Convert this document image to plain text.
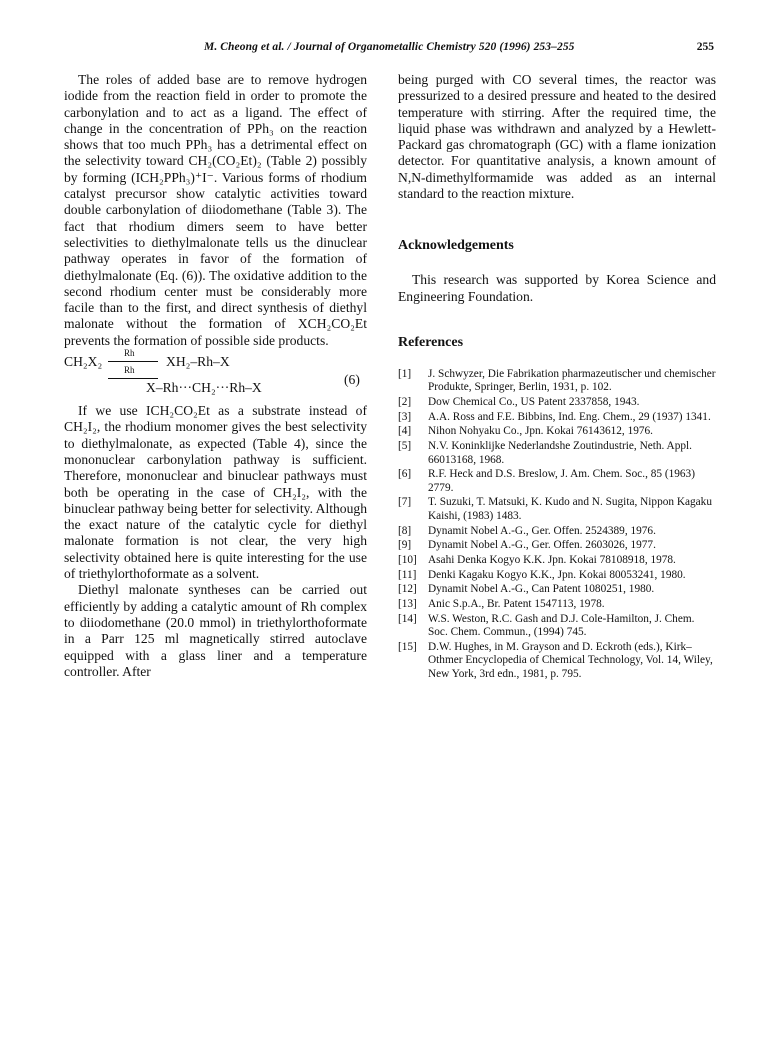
M. Cheong et al. / Journal of Organometallic Chemistry 520 (1996) 253–255	255

The roles of added base are to remove hydrogen iodide from the reaction field in order to promote the carbonylation and to act as a ligand. The effect of change in the concentration of PPh₃ on the reaction shows that too much PPh₃ has a detrimental effect on the selectivity toward CH₂(CO₂Et)₂ (Table 2) possibly by forming (ICH₂PPh₃)⁺I⁻. Various forms of rhodium catalyst precursor show catalytic activities toward double carbonylation of diiodomethane (Table 3). The fact that rhodium dimers seem to have better selectivities to diethylmalonate tells us the dinuclear pathway operates in favor of the formation of diethylmalonate (Eq. (6)). The oxidative addition to the second rhodium center must be considerably more facile than to the first, and direct synthesis of diethyl malonate without the formation of XCH₂CO₂Et prevents the formation of possible side products.

CH₂X₂
Rh
XH₂–Rh–X
Rh
X–Rh···CH₂···Rh–X
(6)

If we use ICH₂CO₂Et as a substrate instead of CH₂I₂, the rhodium monomer gives the best selectivity to diethylmalonate, as expected (Table 4), since the mononuclear carbonylation pathway is sufficient. Therefore, mononuclear and binuclear pathways must both be operating in the case of CH₂I₂, with the binuclear pathway being better for selectivity. Although the exact nature of the catalytic cycle for diethyl malonate formation is not clear, the very high selectivity obtained here is quite interesting for the use of triethylorthoformate as a solvent.

Diethyl malonate syntheses can be carried out efficiently by adding a catalytic amount of Rh complex to diiodomethane (20.0 mmol) in triethylorthoformate in a Parr 125 ml magnetically stirred autoclave equipped with a glass liner and a temperature controller. After

being purged with CO several times, the reactor was pressurized to a desired pressure and heated to the desired temperature with stirring. After the required time, the liquid phase was withdrawn and analyzed by a Hewlett-Packard gas chromatograph (GC) with a flame ionization detector. For quantitative analysis, a known amount of N,N-dimethylformamide was added as an internal standard to the reaction mixture.

Acknowledgements

This research was supported by Korea Science and Engineering Foundation.

References
[1] J. Schwyzer, Die Fabrikation pharmazeutischer und chemischer Produkte, Springer, Berlin, 1931, p. 102.
[2] Dow Chemical Co., US Patent 2337858, 1943.
[3] A.A. Ross and F.E. Bibbins, Ind. Eng. Chem., 29 (1937) 1341.
[4] Nihon Nohyaku Co., Jpn. Kokai 76143612, 1976.
[5] N.V. Koninklijke Nederlandshe Zoutindustrie, Neth. Appl. 66013168, 1968.
[6] R.F. Heck and D.S. Breslow, J. Am. Chem. Soc., 85 (1963) 2779.
[7] T. Suzuki, T. Matsuki, K. Kudo and N. Sugita, Nippon Kagaku Kaishi, (1983) 1483.
[8] Dynamit Nobel A.-G., Ger. Offen. 2524389, 1976.
[9] Dynamit Nobel A.-G., Ger. Offen. 2603026, 1977.
[10] Asahi Denka Kogyo K.K. Jpn. Kokai 78108918, 1978.
[11] Denki Kagaku Kogyo K.K., Jpn. Kokai 80053241, 1980.
[12] Dynamit Nobel A.-G., Can Patent 1080251, 1980.
[13] Anic S.p.A., Br. Patent 1547113, 1978.
[14] W.S. Weston, R.C. Gash and D.J. Cole-Hamilton, J. Chem. Soc. Chem. Commun., (1994) 745.
[15] D.W. Hughes, in M. Grayson and D. Eckroth (eds.), Kirk–Othmer Encyclopedia of Chemical Technology, Vol. 14, Wiley, New York, 3rd edn., 1981, p. 795.
